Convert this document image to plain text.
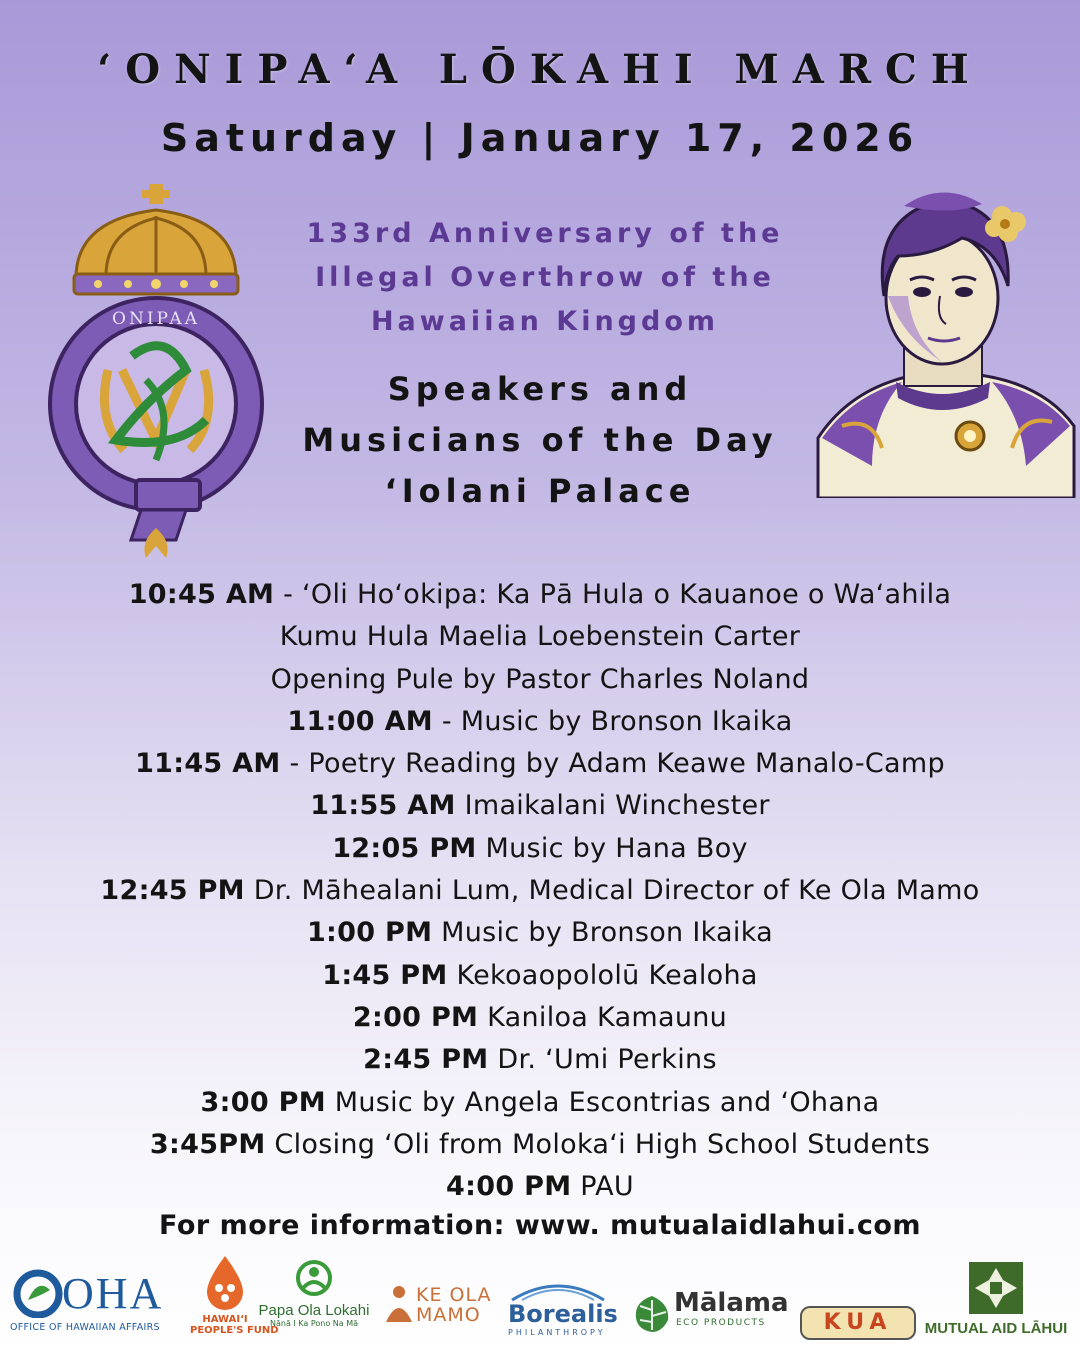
ʻONIPAʻA LŌKAHI MARCH
Saturday | January 17, 2026
ONIPAA
133rd Anniversary of the
Illegal Overthrow of the
Hawaiian Kingdom
Speakers and
Musicians of the Day
ʻIolani Palace
10:45 AM - ʻOli Hoʻokipa: Ka Pā Hula o Kauanoe o Waʻahila
Kumu Hula Maelia Loebenstein Carter
Opening Pule by Pastor Charles Noland
11:00 AM - Music by Bronson Ikaika
11:45 AM - Poetry Reading by Adam Keawe Manalo-Camp
11:55 AM Imaikalani Winchester
12:05 PM Music by Hana Boy
12:45 PM Dr. Māhealani Lum, Medical Director of Ke Ola Mamo
1:00 PM Music by Bronson Ikaika
1:45 PM Kekoaopololū Kealoha
2:00 PM Kaniloa Kamaunu
2:45 PM Dr. ʻUmi Perkins
3:00 PM Music by Angela Escontrias and ʻOhana
3:45PM Closing ʻOli from Molokaʻi High School Students
4:00 PM PAU
For more information: www. mutualaidlahui.com
OHA
OFFICE OF HAWAIIAN AFFAIRS
HAWAIʻI
PEOPLE'S FUND
Papa Ola Lokahi
Nānā I Ka Pono Na Mā
KE OLA
MAMO Borealis
PHILANTHROPY
Mālama
ECO PRODUCTS	KUA	MUTUAL AID LĀHUI
